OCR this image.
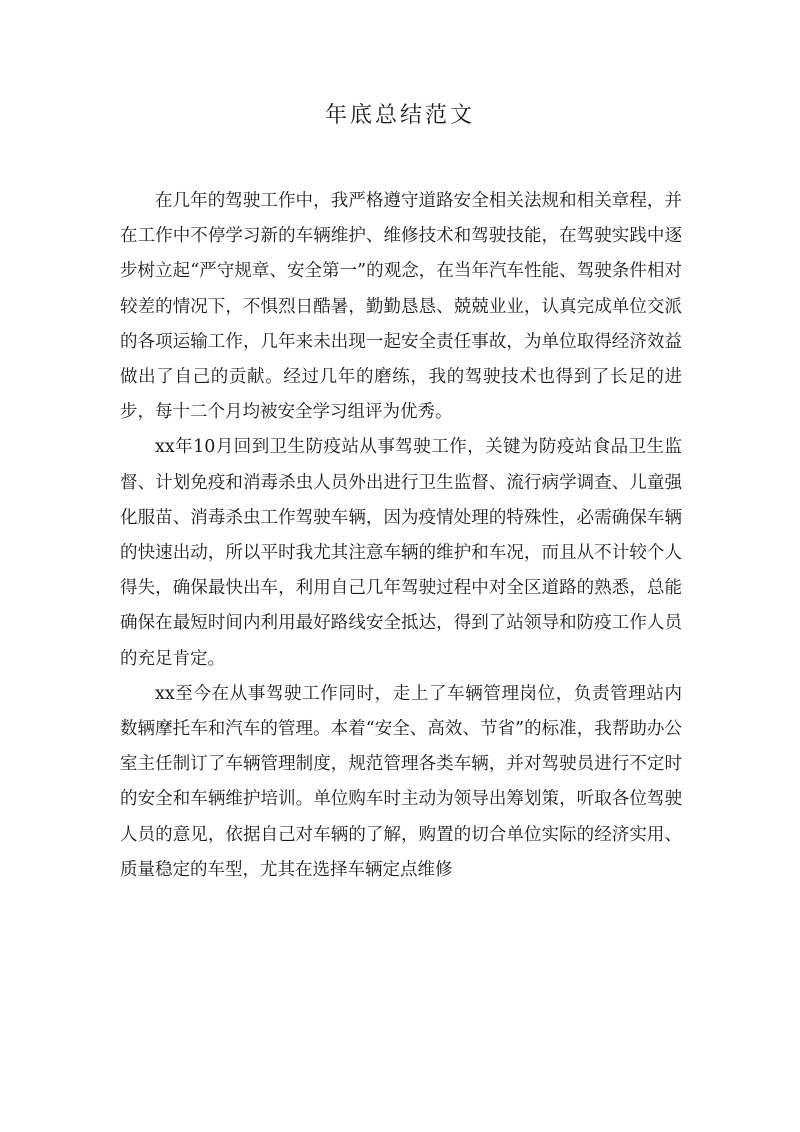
年底总结范文

在几年的驾驶工作中，我严格遵守道路安全相关法规和相关章程，并在工作中不停学习新的车辆维护、维修技术和驾驶技能，在驾驶实践中逐步树立起“严守规章、安全第一”的观念，在当年汽车性能、驾驶条件相对较差的情况下，不惧烈日酷暑，勤勤恳恳、兢兢业业，认真完成单位交派的各项运输工作，几年来未出现一起安全责任事故，为单位取得经济效益做出了自己的贡献。经过几年的磨练，我的驾驶技术也得到了长足的进步，每十二个月均被安全学习组评为优秀。

xx年10月回到卫生防疫站从事驾驶工作，关键为防疫站食品卫生监督、计划免疫和消毒杀虫人员外出进行卫生监督、流行病学调查、儿童强化服苗、消毒杀虫工作驾驶车辆，因为疫情处理的特殊性，必需确保车辆的快速出动，所以平时我尤其注意车辆的维护和车况，而且从不计较个人得失，确保最快出车，利用自己几年驾驶过程中对全区道路的熟悉，总能确保在最短时间内利用最好路线安全抵达，得到了站领导和防疫工作人员的充足肯定。

xx至今在从事驾驶工作同时，走上了车辆管理岗位，负责管理站内数辆摩托车和汽车的管理。本着“安全、高效、节省”的标准，我帮助办公室主任制订了车辆管理制度，规范管理各类车辆，并对驾驶员进行不定时的安全和车辆维护培训。单位购车时主动为领导出筹划策，听取各位驾驶人员的意见，依据自己对车辆的了解，购置的切合单位实际的经济实用、质量稳定的车型，尤其在选择车辆定点维修
